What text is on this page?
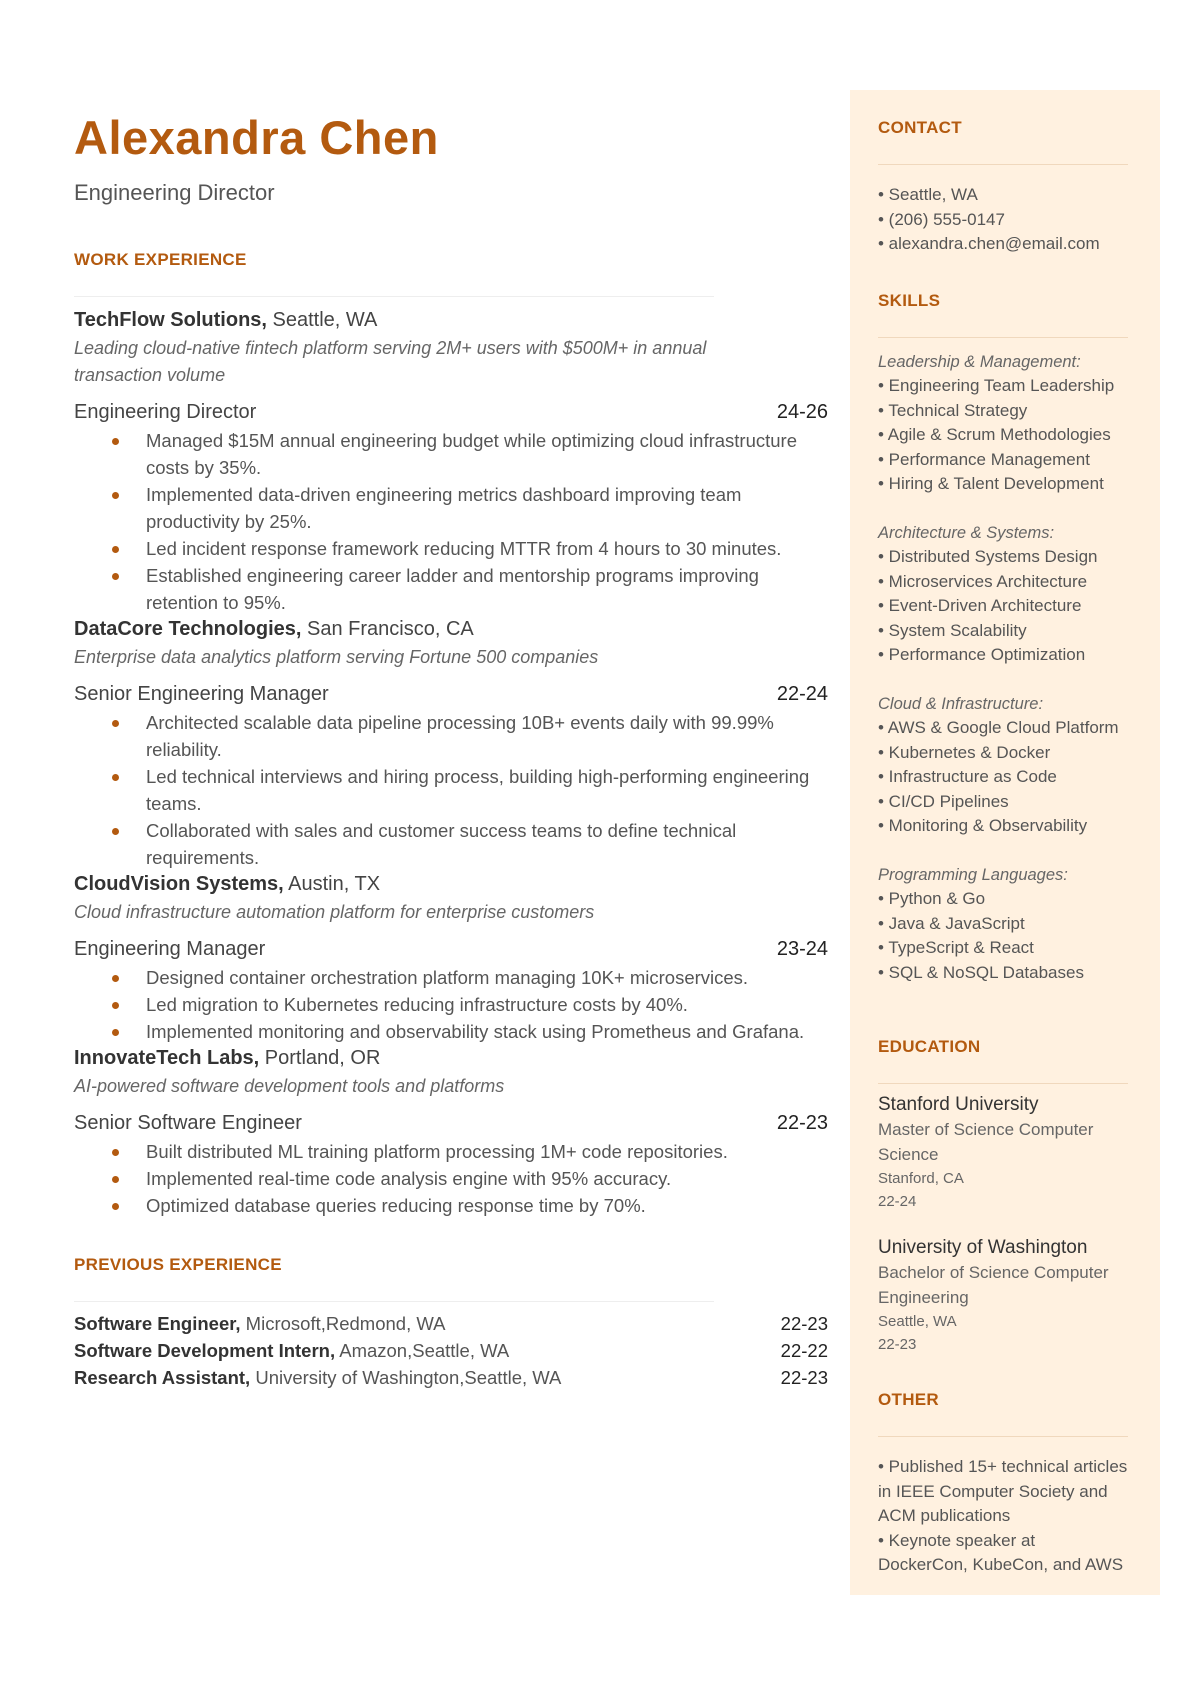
Alexandra Chen
Engineering Director
WORK EXPERIENCE
TechFlow Solutions, Seattle, WA
Leading cloud-native fintech platform serving 2M+ users with $500M+ in annual transaction volume
Engineering Director	24-26
Managed $15M annual engineering budget while optimizing cloud infrastructure costs by 35%.
Implemented data-driven engineering metrics dashboard improving team productivity by 25%.
Led incident response framework reducing MTTR from 4 hours to 30 minutes.
Established engineering career ladder and mentorship programs improving retention to 95%.
DataCore Technologies, San Francisco, CA
Enterprise data analytics platform serving Fortune 500 companies
Senior Engineering Manager	22-24
Architected scalable data pipeline processing 10B+ events daily with 99.99% reliability.
Led technical interviews and hiring process, building high-performing engineering teams.
Collaborated with sales and customer success teams to define technical requirements.
CloudVision Systems, Austin, TX
Cloud infrastructure automation platform for enterprise customers
Engineering Manager	23-24
Designed container orchestration platform managing 10K+ microservices.
Led migration to Kubernetes reducing infrastructure costs by 40%.
Implemented monitoring and observability stack using Prometheus and Grafana.
InnovateTech Labs, Portland, OR
AI-powered software development tools and platforms
Senior Software Engineer	22-23
Built distributed ML training platform processing 1M+ code repositories.
Implemented real-time code analysis engine with 95% accuracy.
Optimized database queries reducing response time by 70%.
PREVIOUS EXPERIENCE
Software Engineer, Microsoft,Redmond, WA	22-23
Software Development Intern, Amazon,Seattle, WA	22-22
Research Assistant, University of Washington,Seattle, WA	22-23
CONTACT
• Seattle, WA
• (206) 555-0147
• alexandra.chen@email.com
SKILLS
Leadership & Management:
• Engineering Team Leadership
• Technical Strategy
• Agile & Scrum Methodologies
• Performance Management
• Hiring & Talent Development
Architecture & Systems:
• Distributed Systems Design
• Microservices Architecture
• Event-Driven Architecture
• System Scalability
• Performance Optimization
Cloud & Infrastructure:
• AWS & Google Cloud Platform
• Kubernetes & Docker
• Infrastructure as Code
• CI/CD Pipelines
• Monitoring & Observability
Programming Languages:
• Python & Go
• Java & JavaScript
• TypeScript & React
• SQL & NoSQL Databases
EDUCATION
Stanford University
Master of Science Computer Science
Stanford, CA
22-24
University of Washington
Bachelor of Science Computer Engineering
Seattle, WA
22-23
OTHER
• Published 15+ technical articles in IEEE Computer Society and ACM publications
• Keynote speaker at DockerCon, KubeCon, and AWS
